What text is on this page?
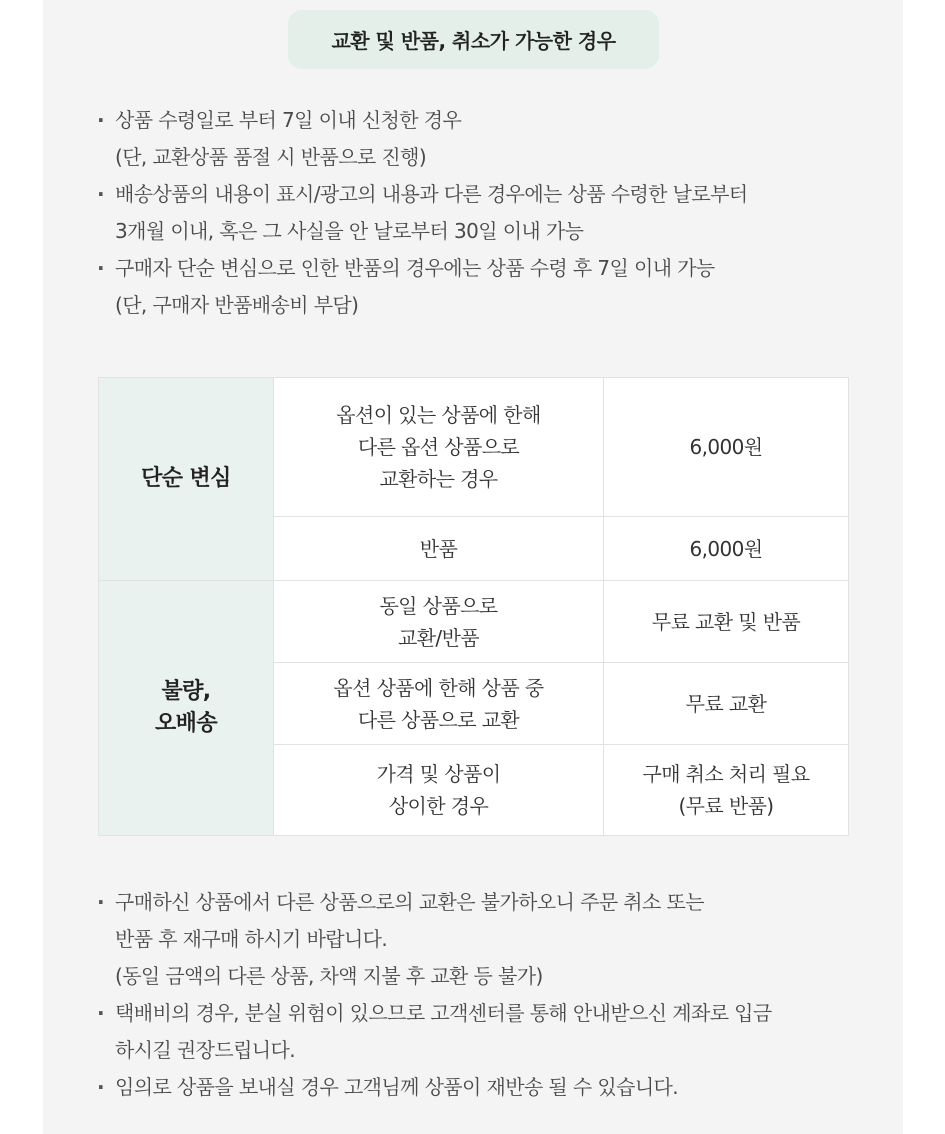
교환 및 반품, 취소가 가능한 경우
· 상품 수령일로 부터 7일 이내 신청한 경우
(단, 교환상품 품절 시 반품으로 진행)
· 배송상품의 내용이 표시/광고의 내용과 다른 경우에는 상품 수령한 날로부터
3개월 이내, 혹은 그 사실을 안 날로부터 30일 이내 가능
· 구매자 단순 변심으로 인한 반품의 경우에는 상품 수령 후 7일 이내 가능
(단, 구매자 반품배송비 부담)
단순 변심	옵션이 있는 상품에 한해
다른 옵션 상품으로
교환하는 경우	6,000원

	반품	6,000원

불량,
오배송	동일 상품으로
교환/반품	무료 교환 및 반품

	옵션 상품에 한해 상품 중
다른 상품으로 교환	무료 교환

	가격 및 상품이
상이한 경우	구매 취소 처리 필요
(무료 반품)
· 구매하신 상품에서 다른 상품으로의 교환은 불가하오니 주문 취소 또는
반품 후 재구매 하시기 바랍니다.
(동일 금액의 다른 상품, 차액 지불 후 교환 등 불가)
· 택배비의 경우, 분실 위험이 있으므로 고객센터를 통해 안내받으신 계좌로 입금
하시길 권장드립니다.
· 임의로 상품을 보내실 경우 고객님께 상품이 재반송 될 수 있습니다.
